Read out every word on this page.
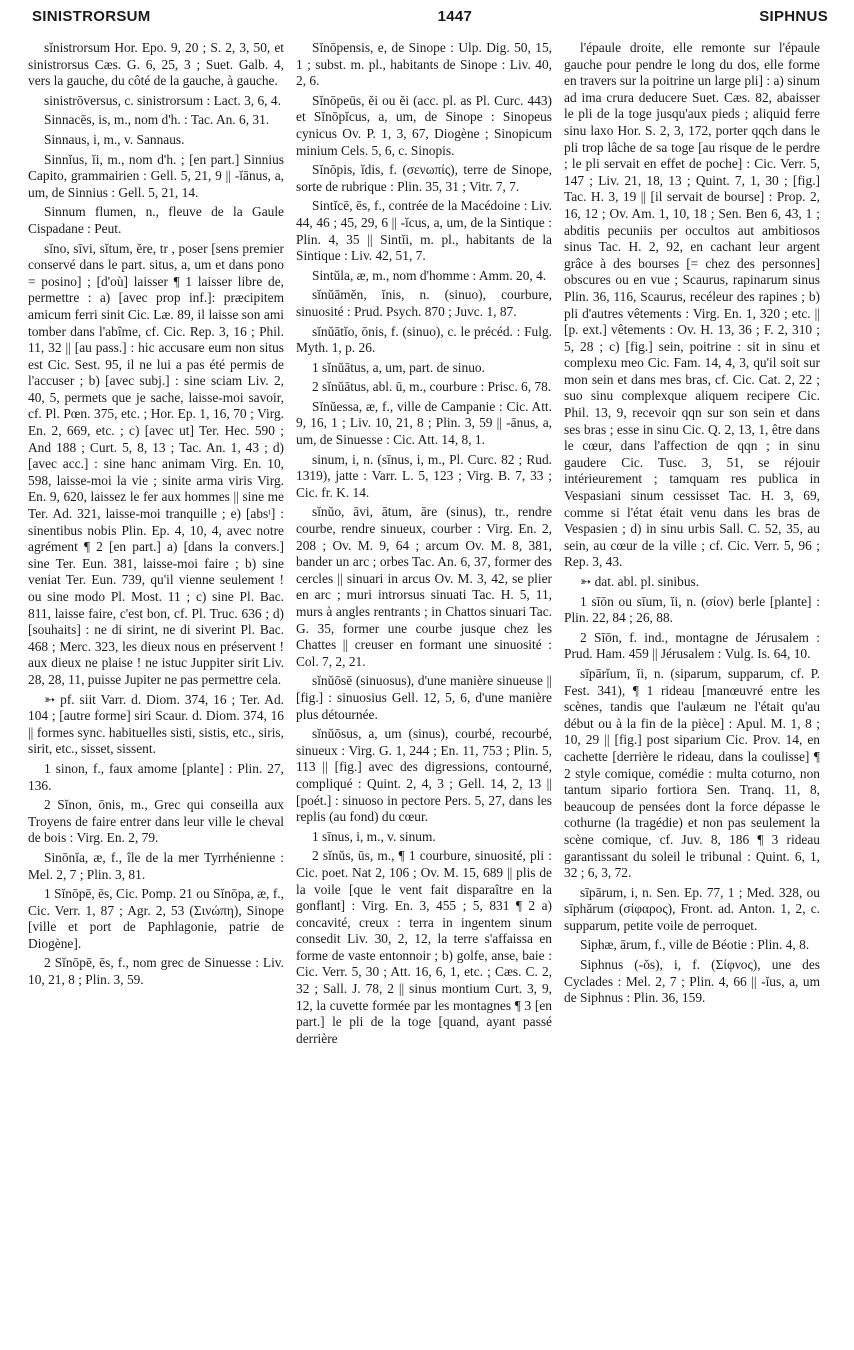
SINISTRORSUM	1447	SIPHNUS

sĭnistrorsum Hor. Epo. 9, 20 ; S. 2, 3, 50, et sinistrorsus Cæs. G. 6, 25, 3 ; Suet. Galb. 4, vers la gauche, du côté de la gauche, à gauche.

sinistrōversus, c. sinistrorsum : Lact. 3, 6, 4.

Sinnacēs, is, m., nom d'h. : Tac. An. 6, 31.

Sinnaus, i, m., v. Sannaus.

Sinnĭus, ĭi, m., nom d'h. ; [en part.] Sinnius Capito, grammairien : Gell. 5, 21, 9 || -ĭānus, a, um, de Sinnius : Gell. 5, 21, 14.

Sinnum flumen, n., fleuve de la Gaule Cispadane : Peut.

sĭno, sīvi, sĭtum, ĕre, tr , poser [sens premier conservé dans le part. situs, a, um et dans pono = posino] ; [d'où] laisser ¶ 1 laisser libre de, permettre : a) [avec prop inf.]: præcipitem amicum ferri sinit Cic. Læ. 89, il laisse son ami tomber dans l'abîme, cf. Cic. Rep. 3, 16 ; Phil. 11, 32 || [au pass.] : hic accusare eum non situs est Cic. Sest. 95, il ne lui a pas été permis de l'accuser ; b) [avec subj.] : sine sciam Liv. 2, 40, 5, permets que je sache, laisse-moi savoir, cf. Pl. Pœn. 375, etc. ; Hor. Ep. 1, 16, 70 ; Virg. En. 2, 669, etc. ; c) [avec ut] Ter. Hec. 590 ; And 188 ; Curt. 5, 8, 13 ; Tac. An. 1, 43 ; d) [avec acc.] : sine hanc animam Virg. En. 10, 598, laisse-moi la vie ; sinite arma viris Virg. En. 9, 620, laissez le fer aux hommes || sine me Ter. Ad. 321, laisse-moi tranquille ; e) [absᵗ] : sinentibus nobis Plin. Ep. 4, 10, 4, avec notre agrément ¶ 2 [en part.] a) [dans la convers.] sine Ter. Eun. 381, laisse-moi faire ; b) sine veniat Ter. Eun. 739, qu'il vienne seulement ! ou sine modo Pl. Most. 11 ; c) sine Pl. Bac. 811, laisse faire, c'est bon, cf. Pl. Truc. 636 ; d) [souhaits] : ne di sirint, ne di siverint Pl. Bac. 468 ; Merc. 323, les dieux nous en préservent ! aux dieux ne plaise ! ne istuc Juppiter sirit Liv. 28, 28, 11, puisse Jupiter ne pas permettre cela.

➳ pf. siit Varr. d. Diom. 374, 16 ; Ter. Ad. 104 ; [autre forme] siri Scaur. d. Diom. 374, 16 || formes sync. habituelles sisti, sistis, etc., siris, sirit, etc., sisset, sissent.

1 sinon, f., faux amome [plante] : Plin. 27, 136.

2 Sĭnon, ōnis, m., Grec qui conseilla aux Troyens de faire entrer dans leur ville le cheval de bois : Virg. En. 2, 79.

Sinōnĭa, æ, f., île de la mer Tyrrhénienne : Mel. 2, 7 ; Plin. 3, 81.

1 Sĭnōpē, ēs, Cic. Pomp. 21 ou Sĭnōpa, æ, f., Cic. Verr. 1, 87 ; Agr. 2, 53 (Σινώπη), Sinope [ville et port de Paphlagonie, patrie de Diogène].

2 Sĭnōpē, ēs, f., nom grec de Sinuesse : Liv. 10, 21, 8 ; Plin. 3, 59.

Sĭnōpensis, e, de Sinope : Ulp. Dig. 50, 15, 1 ; subst. m. pl., habitants de Sinope : Liv. 40, 2, 6.

Sĭnōpeūs, ĕi ou ĕi (acc. pl. as Pl. Curc. 443) et Sĭnōpĭcus, a, um, de Sinope : Sinopeus cynicus Ov. P. 1, 3, 67, Diogène ; Sinopicum minium Cels. 5, 6, c. Sinopis.

Sĭnōpis, ĭdis, f. (σενωπίς), terre de Sinope, sorte de rubrique : Plin. 35, 31 ; Vitr. 7, 7.

Sintĭcē, ēs, f., contrée de la Macédoine : Liv. 44, 46 ; 45, 29, 6 || -ĭcus, a, um, de la Sintique : Plin. 4, 35 || Sintĭi, m. pl., habitants de la Sintique : Liv. 42, 51, 7.

Sintŭla, æ, m., nom d'homme : Amm. 20, 4.

sĭnŭāmĕn, ĭnis, n. (sinuo), courbure, sinuosité : Prud. Psych. 870 ; Juvc. 1, 87.

sĭnŭātĭo, ōnis, f. (sinuo), c. le précéd. : Fulg. Myth. 1, p. 26.

1 sĭnŭātus, a, um, part. de sinuo.

2 sĭnŭātus, abl. ū, m., courbure : Prisc. 6, 78.

Sĭnŭessa, æ, f., ville de Campanie : Cic. Att. 9, 16, 1 ; Liv. 10, 21, 8 ; Plin. 3, 59 || -ānus, a, um, de Sinuesse : Cic. Att. 14, 8, 1.

sinum, i, n. (sīnus, i, m., Pl. Curc. 82 ; Rud. 1319), jatte : Varr. L. 5, 123 ; Virg. B. 7, 33 ; Cic. fr. K. 14.

sĭnŭo, āvi, ātum, āre (sinus), tr., rendre courbe, rendre sinueux, courber : Virg. En. 2, 208 ; Ov. M. 9, 64 ; arcum Ov. M. 8, 381, bander un arc ; orbes Tac. An. 6, 37, former des cercles || sinuari in arcus Ov. M. 3, 42, se plier en arc ; muri introrsus sinuati Tac. H. 5, 11, murs à angles rentrants ; in Chattos sinuari Tac. G. 35, former une courbe jusque chez les Chattes || creuser en formant une sinuosité : Col. 7, 2, 21.

sĭnŭōsē (sinuosus), d'une manière sinueuse || [fig.] : sinuosius Gell. 12, 5, 6, d'une manière plus détournée.

sĭnŭōsus, a, um (sinus), courbé, recourbé, sinueux : Virg. G. 1, 244 ; En. 11, 753 ; Plin. 5, 113 || [fig.] avec des digressions, contourné, compliqué : Quint. 2, 4, 3 ; Gell. 14, 2, 13 || [poét.] : sinuoso in pectore Pers. 5, 27, dans les replis (au fond) du cœur.

1 sīnus, i, m., v. sinum.

2 sĭnŭs, ūs, m., ¶ 1 courbure, sinuosité, pli : Cic. poet. Nat 2, 106 ; Ov. M. 15, 689 || plis de la voile [que le vent fait disparaître en la gonflant] : Virg. En. 3, 455 ; 5, 831 ¶ 2 a) concavité, creux : terra in ingentem sinum consedit Liv. 30, 2, 12, la terre s'affaissa en forme de vaste entonnoir ; b) golfe, anse, baie : Cic. Verr. 5, 30 ; Att. 16, 6, 1, etc. ; Cæs. C. 2, 32 ; Sall. J. 78, 2 || sinus montium Curt. 3, 9, 12, la cuvette formée par les montagnes ¶ 3 [en part.] le pli de la toge [quand, ayant passé derrière

l'épaule droite, elle remonte sur l'épaule gauche pour pendre le long du dos, elle forme en travers sur la poitrine un large pli] : a) sinum ad ima crura deducere Suet. Cæs. 82, abaisser le pli de la toge jusqu'aux pieds ; aliquid ferre sinu laxo Hor. S. 2, 3, 172, porter qqch dans le pli trop lâche de sa toge [au risque de le perdre ; le pli servait en effet de poche] : Cic. Verr. 5, 147 ; Liv. 21, 18, 13 ; Quint. 7, 1, 30 ; [fig.] Tac. H. 3, 19 || [il servait de bourse] : Prop. 2, 16, 12 ; Ov. Am. 1, 10, 18 ; Sen. Ben 6, 43, 1 ; abditis pecuniis per occultos aut ambitiosos sinus Tac. H. 2, 92, en cachant leur argent grâce à des bourses [= chez des personnes] obscures ou en vue ; Scaurus, rapinarum sinus Plin. 36, 116, Scaurus, recéleur des rapines ; b) pli d'autres vêtements : Virg. En. 1, 320 ; etc. || [p. ext.] vêtements : Ov. H. 13, 36 ; F. 2, 310 ; 5, 28 ; c) [fig.] sein, poitrine : sit in sinu et complexu meo Cic. Fam. 14, 4, 3, qu'il soit sur mon sein et dans mes bras, cf. Cic. Cat. 2, 22 ; suo sinu complexque aliquem recipere Cic. Phil. 13, 9, recevoir qqn sur son sein et dans ses bras ; esse in sinu Cic. Q. 2, 13, 1, être dans le cœur, dans l'affection de qqn ; in sinu gaudere Cic. Tusc. 3, 51, se réjouir intérieurement ; tamquam res publica in Vespasiani sinum cessisset Tac. H. 3, 69, comme si l'état était venu dans les bras de Vespasien ; d) in sinu urbis Sall. C. 52, 35, au sein, au cœur de la ville ; cf. Cic. Verr. 5, 96 ; Rep. 3, 43.

➳ dat. abl. pl. sinibus.

1 sīōn ou sīum, ĭi, n. (σίον) berle [plante] : Plin. 22, 84 ; 26, 88.

2 Sīōn, f. ind., montagne de Jérusalem : Prud. Ham. 459 || Jérusalem : Vulg. Is. 64, 10.

sīpārĭum, ĭi, n. (siparum, supparum, cf. P. Fest. 341), ¶ 1 rideau [manœuvré entre les scènes, tandis que l'aulæum ne l'était qu'au début ou à la fin de la pièce] : Apul. M. 1, 8 ; 10, 29 || [fig.] post siparium Cic. Prov. 14, en cachette [derrière le rideau, dans la coulisse] ¶ 2 style comique, comédie : multa coturno, non tantum sipario fortiora Sen. Tranq. 11, 8, beaucoup de pensées dont la force dépasse le cothurne (la tragédie) et non pas seulement la scène comique, cf. Juv. 8, 186 ¶ 3 rideau garantissant du soleil le tribunal : Quint. 6, 1, 32 ; 6, 3, 72.

sīpārum, i, n. Sen. Ep. 77, 1 ; Med. 328, ou sīphărum (σίφαρος), Front. ad. Anton. 1, 2, c. supparum, petite voile de perroquet.

Siphæ, ārum, f., ville de Béotie : Plin. 4, 8.

Siphnus (-ŏs), i, f. (Σίφνος), une des Cyclades : Mel. 2, 7 ; Plin. 4, 66 || -ĭus, a, um de Siphnus : Plin. 36, 159.
